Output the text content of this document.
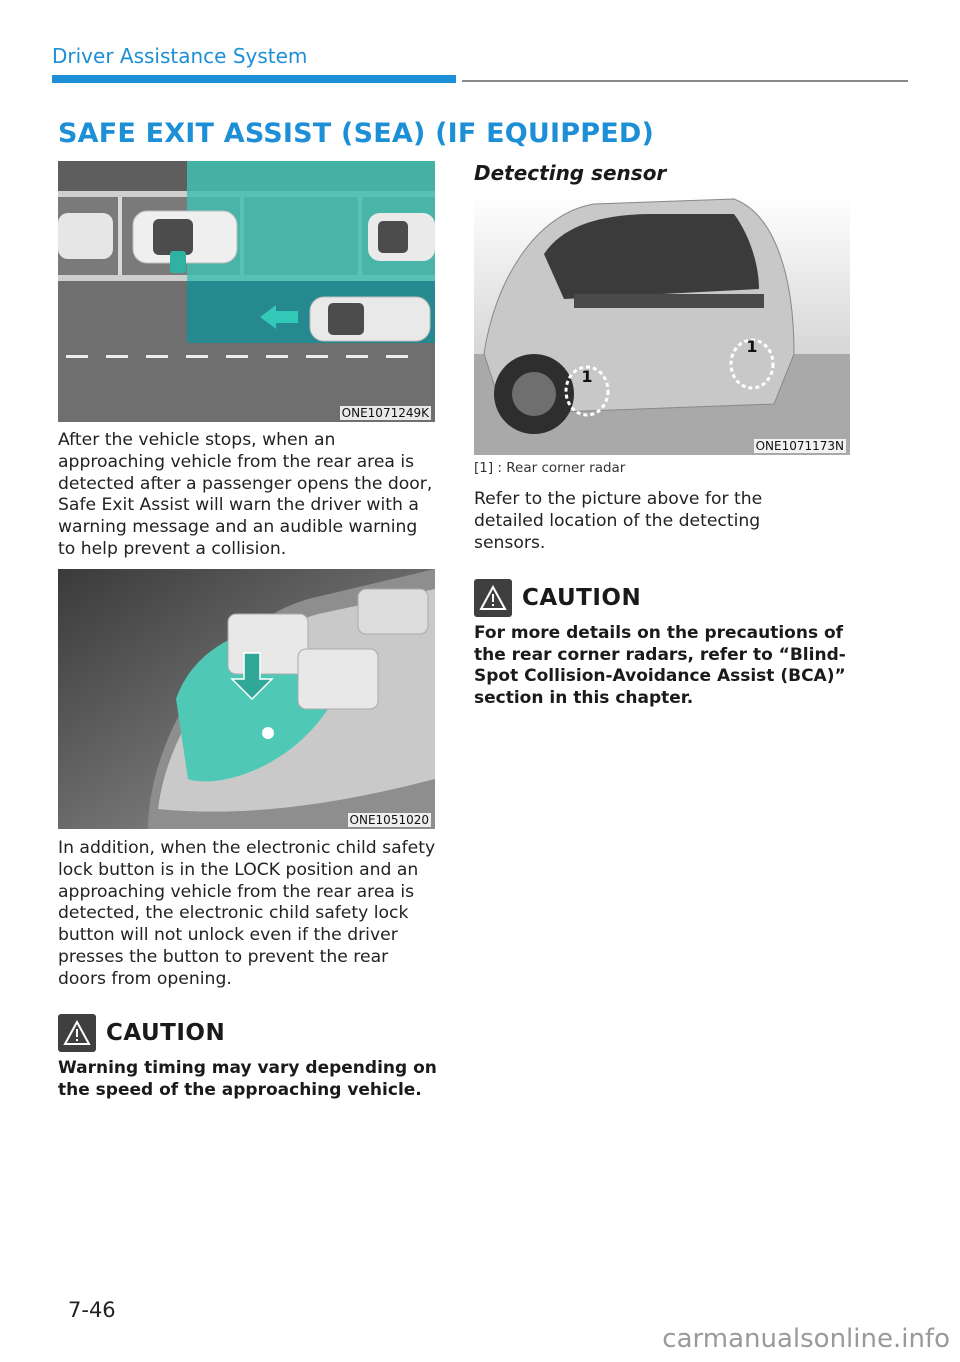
Driver Assistance System
SAFE EXIT ASSIST (SEA) (IF EQUIPPED)
ONE1071249K
After the vehicle stops, when an approaching vehicle from the rear area is detected after a passenger opens the door, Safe Exit Assist will warn the driver with a warning message and an audible warning to help prevent a collision.
ONE1051020
In addition, when the electronic child safety lock button is in the LOCK position and an approaching vehicle from the rear area is detected, the electronic child safety lock button will not unlock even if the driver presses the button to prevent the rear doors from opening.
CAUTION
Warning timing may vary depending on the speed of the approaching vehicle.
Detecting sensor
1
1
ONE1071173N
[1] : Rear corner radar
Refer to the picture above for the detailed location of the detecting sensors.
CAUTION
For more details on the precautions of the rear corner radars, refer to “Blind-Spot Collision-Avoidance Assist (BCA)” section in this chapter.
7-46
carmanualsonline.info
